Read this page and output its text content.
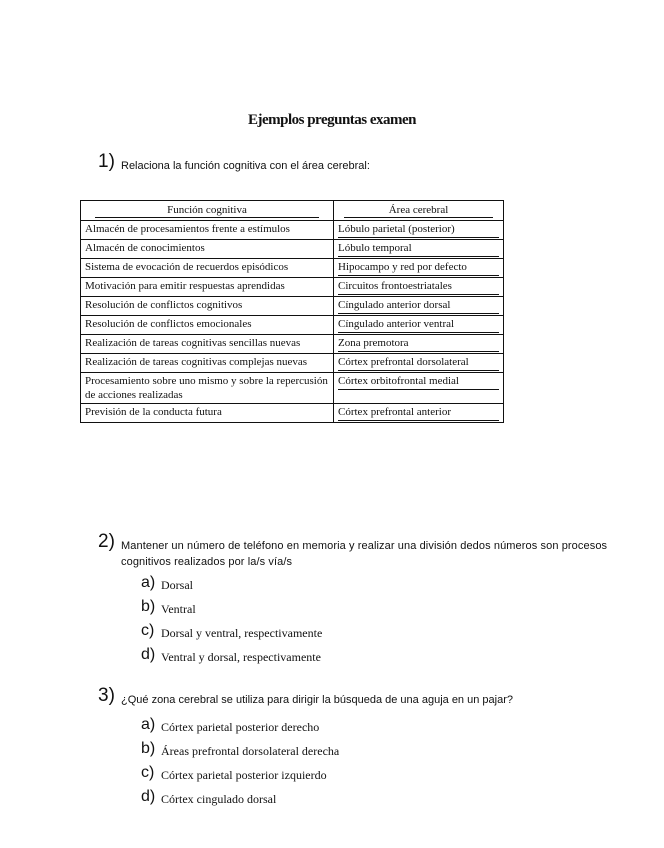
Ejemplos preguntas examen
1) Relaciona la función cognitiva con el área cerebral:
Función cognitiva	Área cerebral
Almacén de procesamientos frente a estímulos	Lóbulo parietal (posterior)

Almacén de conocimientos	Lóbulo temporal

Sistema de evocación de recuerdos episódicos	Hipocampo y red por defecto

Motivación para emitir respuestas aprendidas	Circuitos frontoestriatales

Resolución de conflictos cognitivos	Cíngulado anterior dorsal

Resolución de conflictos emocionales	Cíngulado anterior ventral

Realización de tareas cognitivas sencillas nuevas	Zona premotora

Realización de tareas cognitivas complejas nuevas	Córtex prefrontal dorsolateral

Procesamiento sobre uno mismo y sobre la repercusión de acciones realizadas	Córtex orbitofrontal medial

Previsión de la conducta futura	Córtex prefrontal anterior
2) Mantener un número de teléfono en memoria y realizar una división dedos números son procesos cognitivos realizados por la/s vía/s
a) Dorsal
b) Ventral
c) Dorsal y ventral, respectivamente
d) Ventral y dorsal, respectivamente
3) ¿Qué zona cerebral se utiliza para dirigir la búsqueda de una aguja en un pajar?
a) Córtex parietal posterior derecho
b) Áreas prefrontal dorsolateral derecha
c) Córtex parietal posterior izquierdo
d) Córtex cingulado dorsal
